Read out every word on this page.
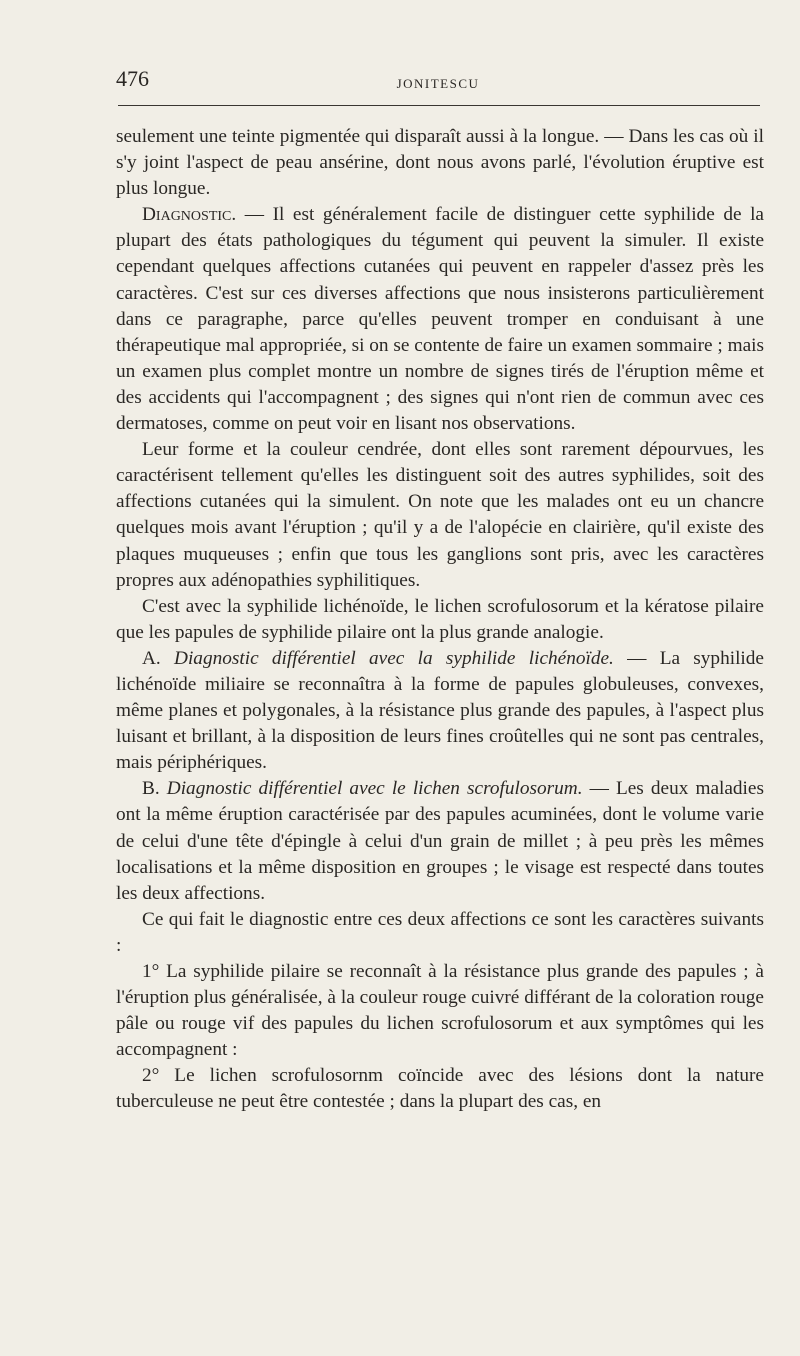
476	JONITESCU

seulement une teinte pigmentée qui disparaît aussi à la longue. — Dans les cas où il s'y joint l'aspect de peau ansérine, dont nous avons parlé, l'évolution éruptive est plus longue.

Diagnostic. — Il est généralement facile de distinguer cette syphilide de la plupart des états pathologiques du tégument qui peuvent la simuler. Il existe cependant quelques affections cutanées qui peuvent en rappeler d'assez près les caractères. C'est sur ces diverses affections que nous insisterons particulièrement dans ce paragraphe, parce qu'elles peuvent tromper en conduisant à une thérapeutique mal appropriée, si on se contente de faire un examen sommaire ; mais un examen plus complet montre un nombre de signes tirés de l'éruption même et des accidents qui l'accompagnent ; des signes qui n'ont rien de commun avec ces dermatoses, comme on peut voir en lisant nos observations.

Leur forme et la couleur cendrée, dont elles sont rarement dépourvues, les caractérisent tellement qu'elles les distinguent soit des autres syphilides, soit des affections cutanées qui la simulent. On note que les malades ont eu un chancre quelques mois avant l'éruption ; qu'il y a de l'alopécie en clairière, qu'il existe des plaques muqueuses ; enfin que tous les ganglions sont pris, avec les caractères propres aux adénopathies syphilitiques.

C'est avec la syphilide lichénoïde, le lichen scrofulosorum et la kératose pilaire que les papules de syphilide pilaire ont la plus grande analogie.

A. Diagnostic différentiel avec la syphilide lichénoïde. — La syphilide lichénoïde miliaire se reconnaîtra à la forme de papules globuleuses, convexes, même planes et polygonales, à la résistance plus grande des papules, à l'aspect plus luisant et brillant, à la disposition de leurs fines croûtelles qui ne sont pas centrales, mais périphériques.

B. Diagnostic différentiel avec le lichen scrofulosorum. — Les deux maladies ont la même éruption caractérisée par des papules acuminées, dont le volume varie de celui d'une tête d'épingle à celui d'un grain de millet ; à peu près les mêmes localisations et la même disposition en groupes ; le visage est respecté dans toutes les deux affections.

Ce qui fait le diagnostic entre ces deux affections ce sont les caractères suivants :

1° La syphilide pilaire se reconnaît à la résistance plus grande des papules ; à l'éruption plus généralisée, à la couleur rouge cuivré différant de la coloration rouge pâle ou rouge vif des papules du lichen scrofulosorum et aux symptômes qui les accompagnent :

2° Le lichen scrofulosornm coïncide avec des lésions dont la nature tuberculeuse ne peut être contestée ; dans la plupart des cas, en
